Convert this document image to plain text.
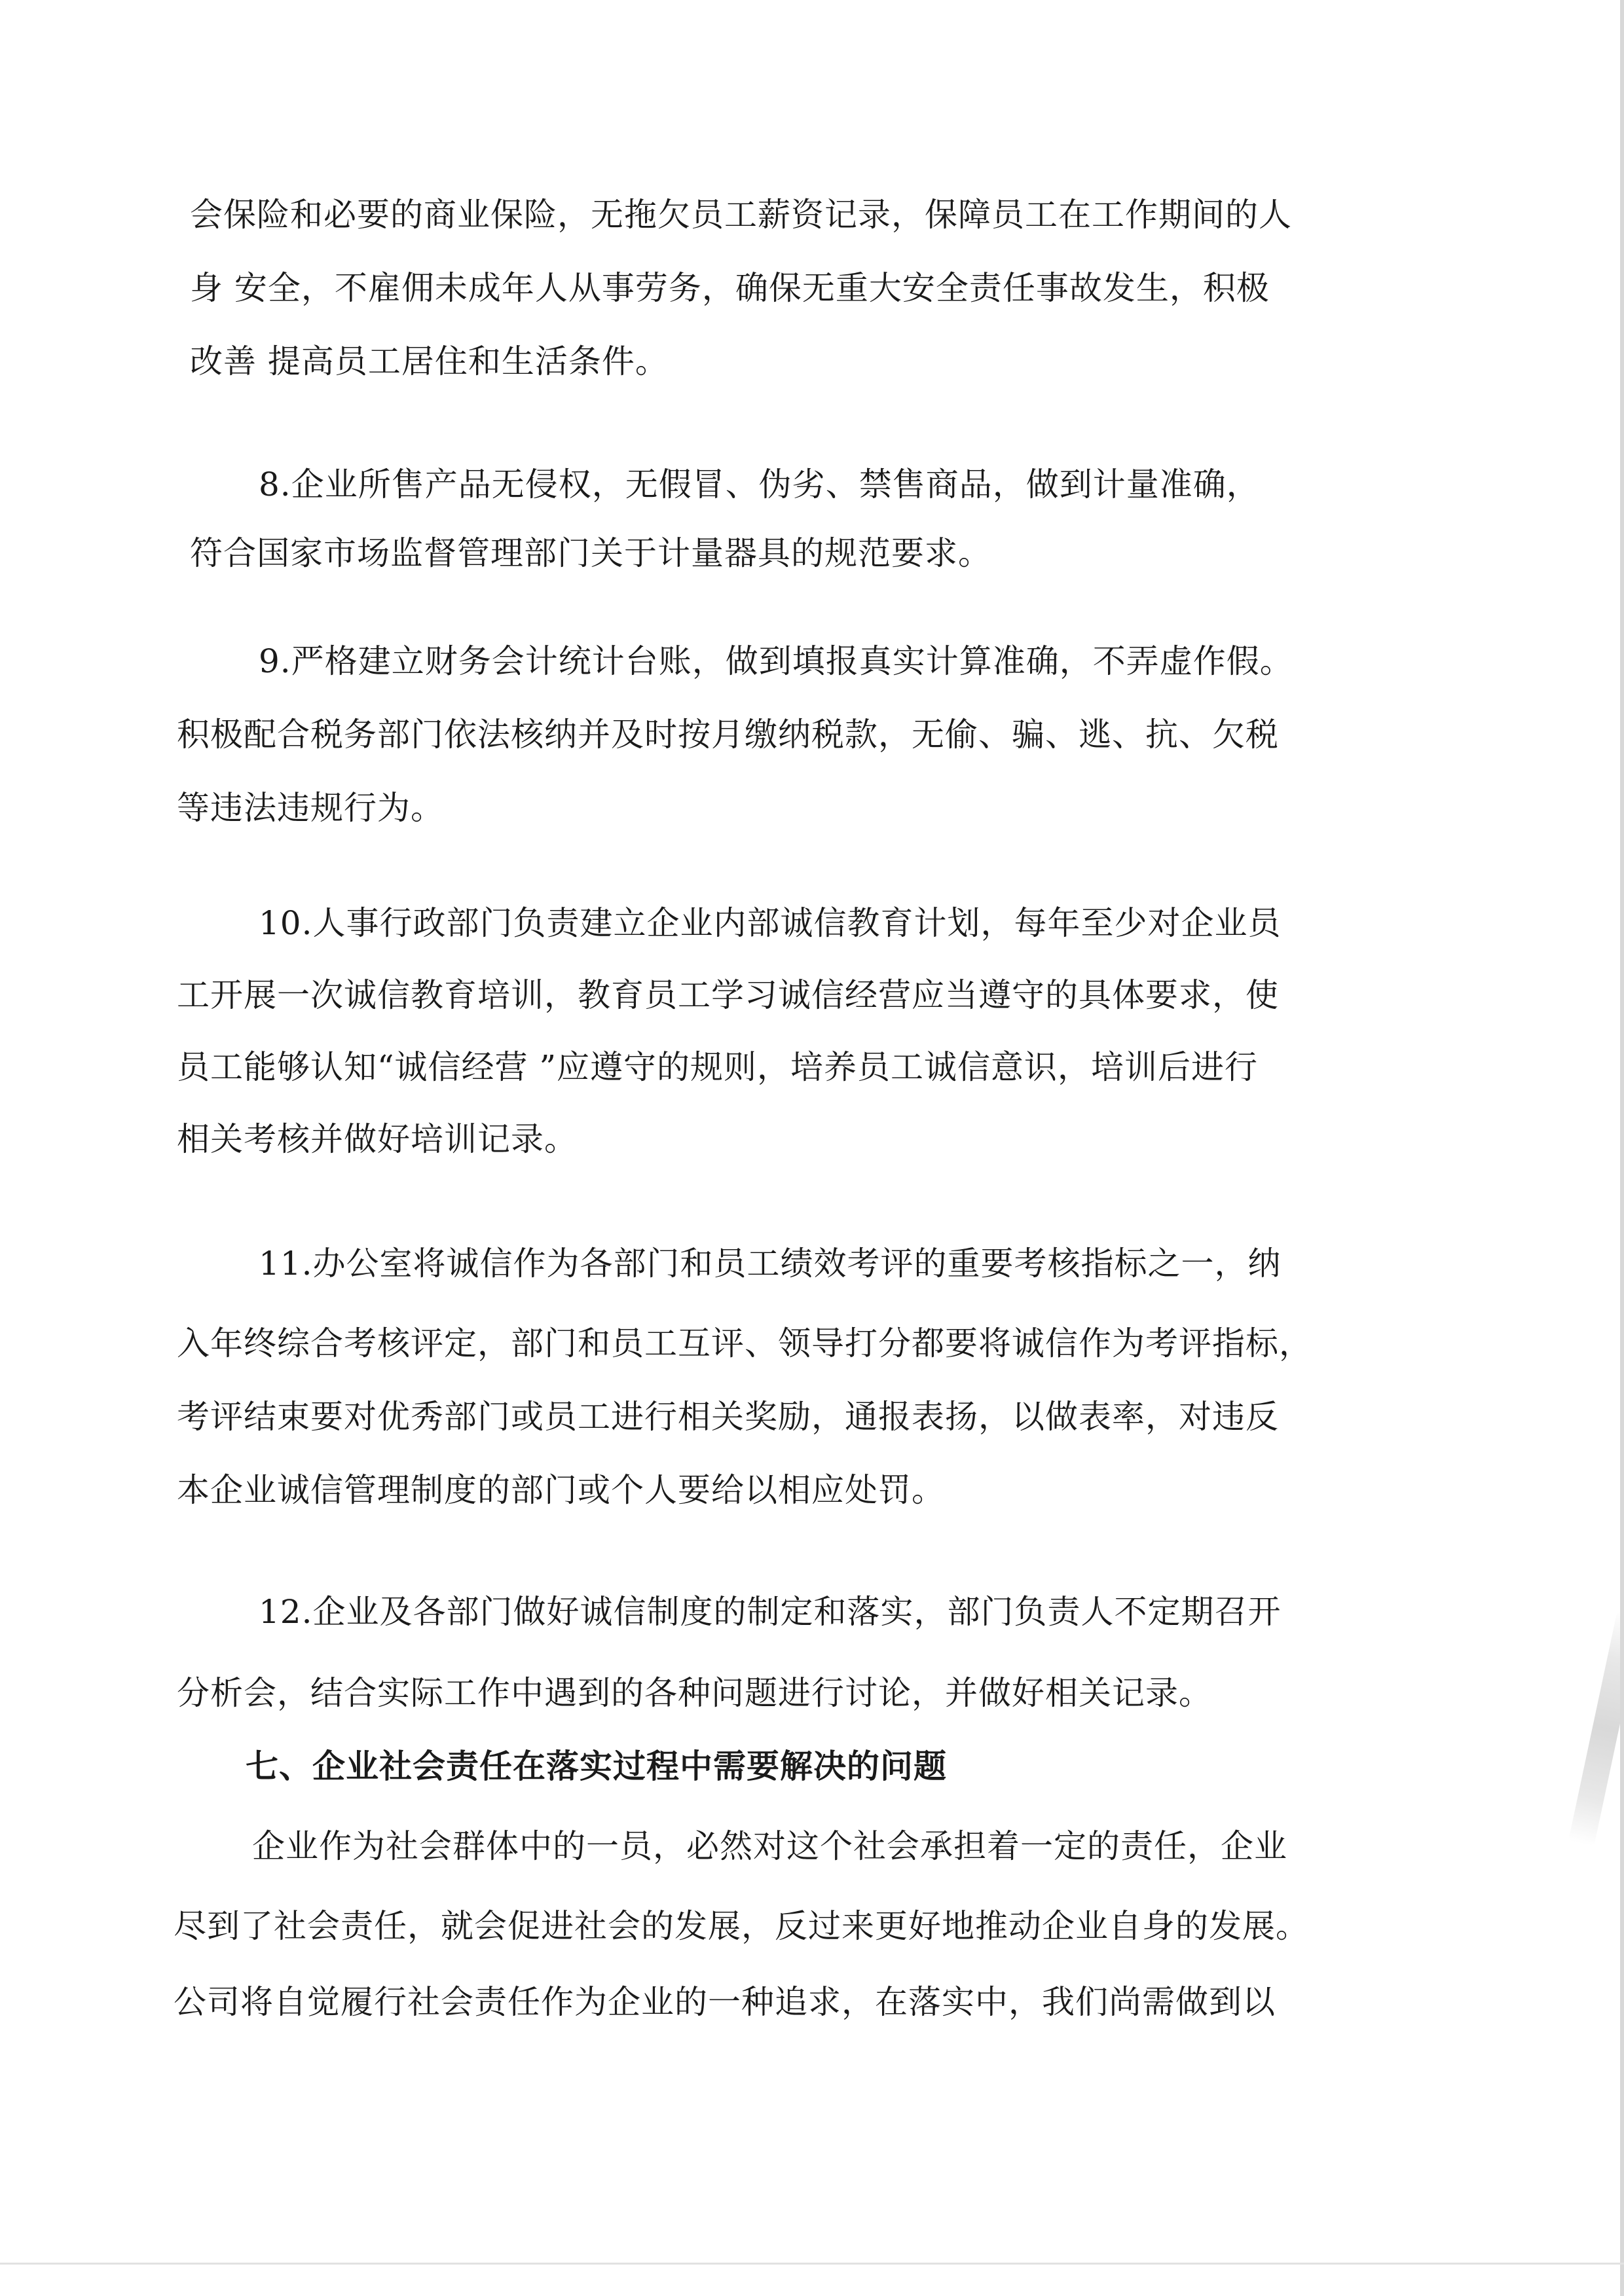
会保险和必要的商业保险，无拖欠员工薪资记录，保障员工在工作期间的人
身 安全，不雇佣未成年人从事劳务，确保无重大安全责任事故发生，积极
改善 提高员工居住和生活条件。
8.企业所售产品无侵权，无假冒、伪劣、禁售商品，做到计量准确，
符合国家市场监督管理部门关于计量器具的规范要求。
9.严格建立财务会计统计台账，做到填报真实计算准确，不弄虚作假。
积极配合税务部门依法核纳并及时按月缴纳税款，无偷、骗、逃、抗、欠税
等违法违规行为。
10.人事行政部门负责建立企业内部诚信教育计划，每年至少对企业员
工开展一次诚信教育培训，教育员工学习诚信经营应当遵守的具体要求，使
员工能够认知“诚信经营 ”应遵守的规则，培养员工诚信意识，培训后进行
相关考核并做好培训记录。
11.办公室将诚信作为各部门和员工绩效考评的重要考核指标之一，纳
入年终综合考核评定，部门和员工互评、领导打分都要将诚信作为考评指标，
考评结束要对优秀部门或员工进行相关奖励，通报表扬，以做表率，对违反
本企业诚信管理制度的部门或个人要给以相应处罚。
12.企业及各部门做好诚信制度的制定和落实，部门负责人不定期召开
分析会，结合实际工作中遇到的各种问题进行讨论，并做好相关记录。
七、企业社会责任在落实过程中需要解决的问题
企业作为社会群体中的一员，必然对这个社会承担着一定的责任，企业
尽到了社会责任，就会促进社会的发展，反过来更好地推动企业自身的发展。
公司将自觉履行社会责任作为企业的一种追求，在落实中，我们尚需做到以
